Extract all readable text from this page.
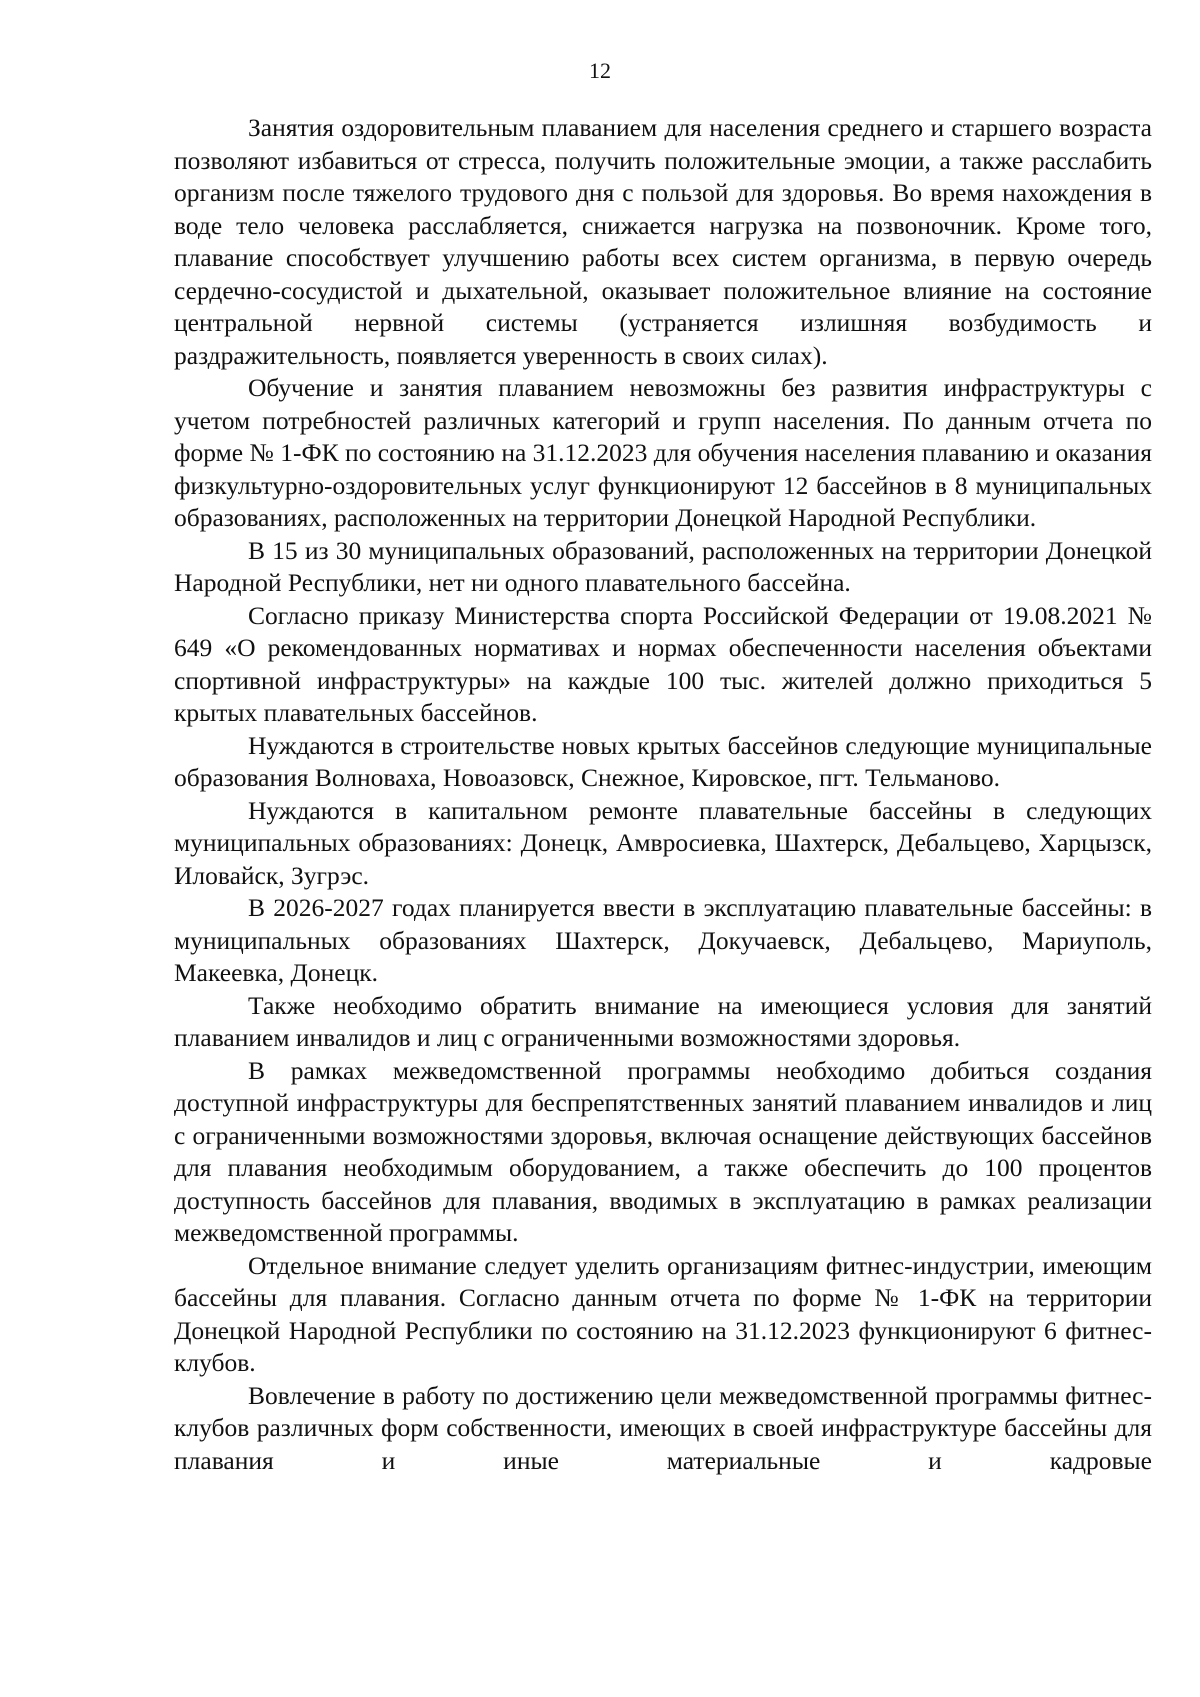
12

Занятия оздоровительным плаванием для населения среднего и старшего возраста позволяют избавиться от стресса, получить положительные эмоции, а также расслабить организм после тяжелого трудового дня с пользой для здоровья. Во время нахождения в воде тело человека расслабляется, снижается нагрузка на позвоночник. Кроме того, плавание способствует улучшению работы всех систем организма, в первую очередь сердечно-сосудистой и дыхательной, оказывает положительное влияние на состояние центральной нервной системы (устраняется излишняя возбудимость и раздражительность, появляется уверенность в своих силах).

Обучение и занятия плаванием невозможны без развития инфраструктуры с учетом потребностей различных категорий и групп населения. По данным отчета по форме № 1-ФК по состоянию на 31.12.2023 для обучения населения плаванию и оказания физкультурно-оздоровительных услуг функционируют 12 бассейнов в 8 муниципальных образованиях, расположенных на территории Донецкой Народной Республики.

В 15 из 30 муниципальных образований, расположенных на территории Донецкой Народной Республики, нет ни одного плавательного бассейна.

Согласно приказу Министерства спорта Российской Федерации от 19.08.2021 № 649 «О рекомендованных нормативах и нормах обеспеченности населения объектами спортивной инфраструктуры» на каждые 100 тыс. жителей должно приходиться 5 крытых плавательных бассейнов.

Нуждаются в строительстве новых крытых бассейнов следующие муниципальные образования Волноваха, Новоазовск, Снежное, Кировское, пгт. Тельманово.

Нуждаются в капитальном ремонте плавательные бассейны в следующих муниципальных образованиях: Донецк, Амвросиевка, Шахтерск, Дебальцево, Харцызск, Иловайск, Зугрэс.

В 2026-2027 годах планируется ввести в эксплуатацию плавательные бассейны: в муниципальных образованиях Шахтерск, Докучаевск, Дебальцево, Мариуполь, Макеевка, Донецк.

Также необходимо обратить внимание на имеющиеся условия для занятий плаванием инвалидов и лиц с ограниченными возможностями здоровья.

В рамках межведомственной программы необходимо добиться создания доступной инфраструктуры для беспрепятственных занятий плаванием инвалидов и лиц с ограниченными возможностями здоровья, включая оснащение действующих бассейнов для плавания необходимым оборудованием, а также обеспечить до 100 процентов доступность бассейнов для плавания, вводимых в эксплуатацию в рамках реализации межведомственной программы.

Отдельное внимание следует уделить организациям фитнес-индустрии, имеющим бассейны для плавания. Согласно данным отчета по форме № 1-ФК на территории Донецкой Народной Республики по состоянию на 31.12.2023 функционируют 6 фитнес-клубов.

Вовлечение в работу по достижению цели межведомственной программы фитнес-клубов различных форм собственности, имеющих в своей инфраструктуре бассейны для плавания и иные материальные и кадровые
